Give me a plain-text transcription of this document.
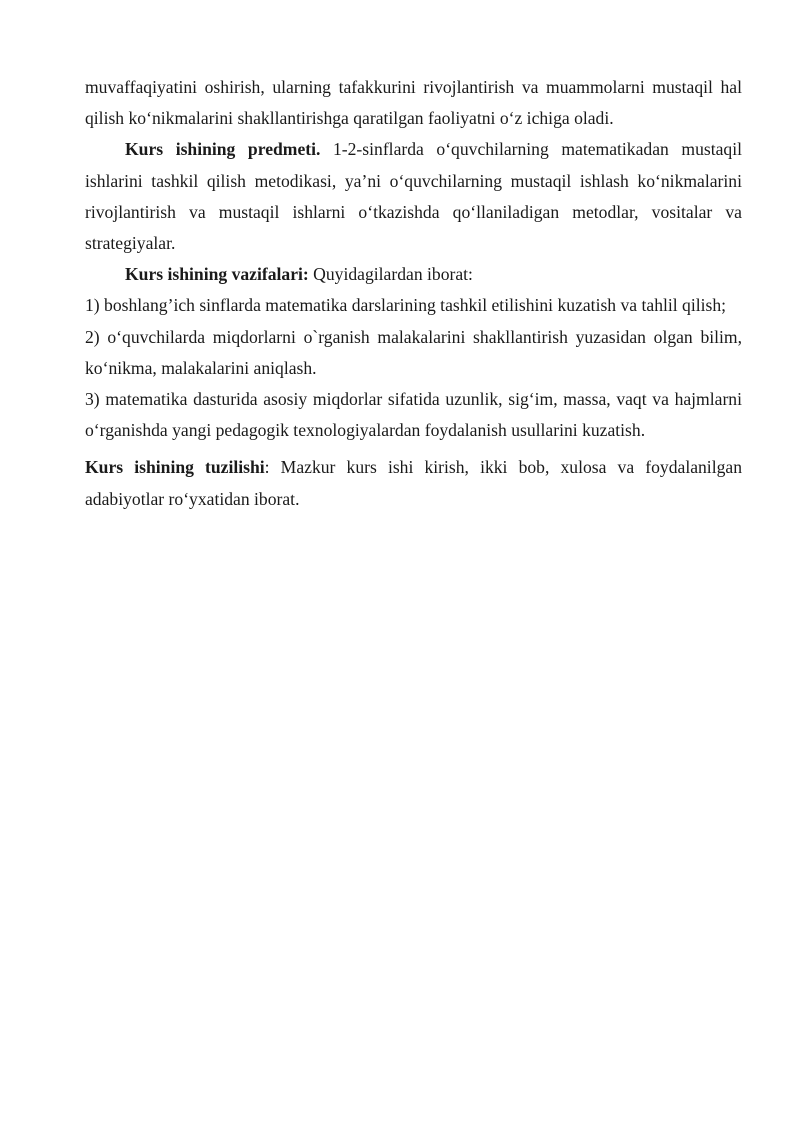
muvaffaqiyatini oshirish, ularning tafakkurini rivojlantirish va muammolarni mustaqil hal qilish ko‘nikmalarini shakllantirishga qaratilgan faoliyatni o‘z ichiga oladi.

Kurs ishining predmeti. 1-2-sinflarda o‘quvchilarning matematikadan mustaqil ishlarini tashkil qilish metodikasi, ya’ni o‘quvchilarning mustaqil ishlash ko‘nikmalarini rivojlantirish va mustaqil ishlarni o‘tkazishda qo‘llaniladigan metodlar, vositalar va strategiyalar.

Kurs ishining vazifalari: Quyidagilardan iborat:

1) boshlang’ich sinflarda matematika darslarining tashkil etilishini kuzatish va tahlil qilish;

2) o‘quvchilarda miqdorlarni o`rganish malakalarini shakllantirish yuzasidan olgan bilim, ko‘nikma, malakalarini aniqlash.

3) matematika dasturida asosiy miqdorlar sifatida uzunlik, sig‘im, massa, vaqt va hajmlarni o‘rganishda yangi pedagogik texnologiyalardan foydalanish usullarini kuzatish.

Kurs ishining tuzilishi: Mazkur kurs ishi kirish, ikki bob, xulosa va foydalanilgan adabiyotlar ro‘yxatidan iborat.
